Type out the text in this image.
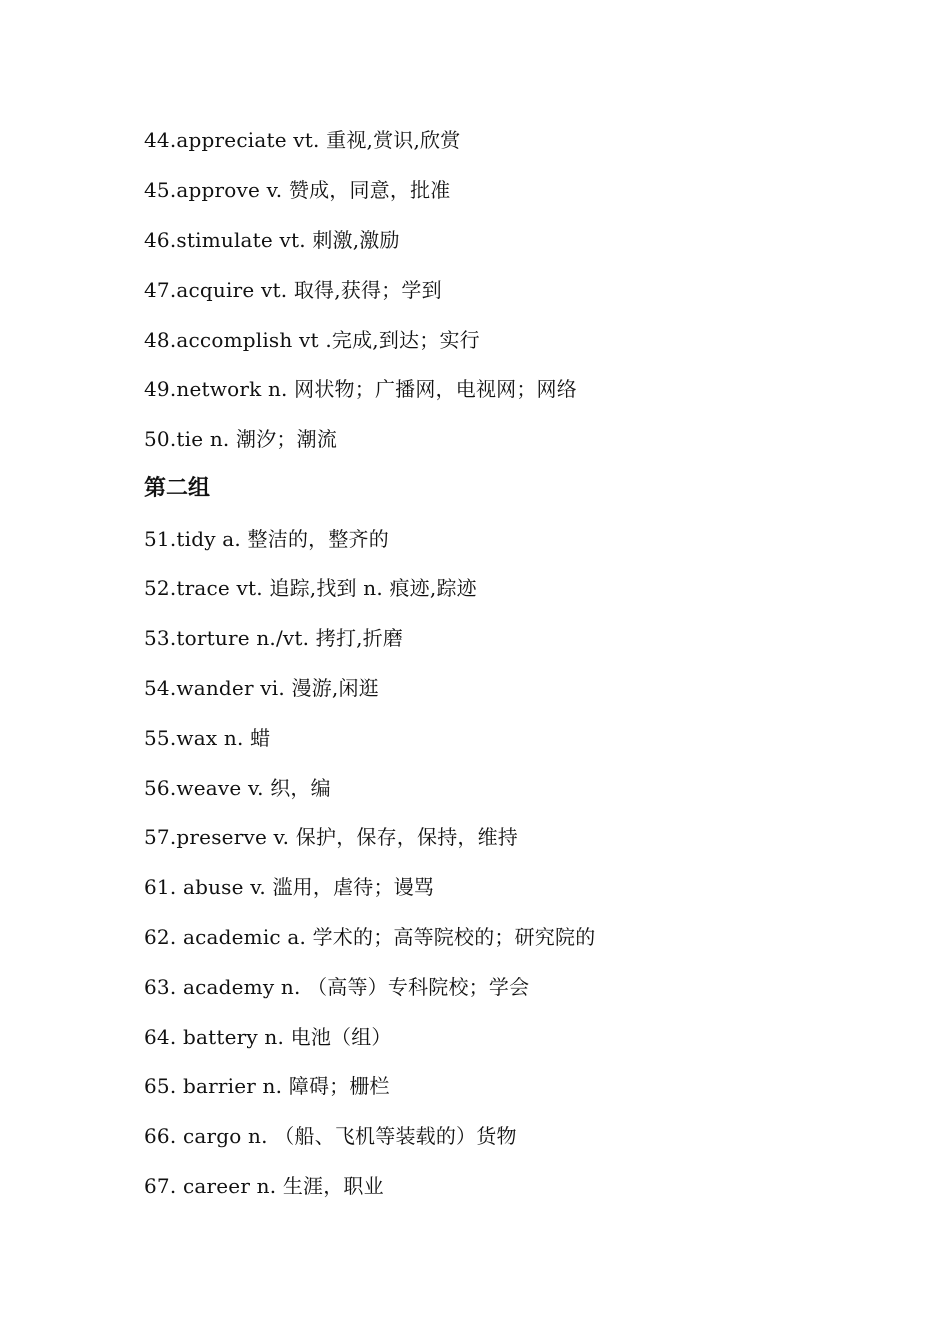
44.appreciate vt. 重视,赏识,欣赏
45.approve v. 赞成，同意，批准
46.stimulate vt. 刺激,激励
47.acquire vt. 取得,获得；学到
48.accomplish vt .完成,到达；实行
49.network n. 网状物；广播网，电视网；网络
50.tie n. 潮汐；潮流
第二组
51.tidy a. 整洁的，整齐的
52.trace vt. 追踪,找到 n. 痕迹,踪迹
53.torture n./vt. 拷打,折磨
54.wander vi. 漫游,闲逛
55.wax n. 蜡
56.weave v. 织，编
57.preserve v. 保护，保存，保持，维持
61. abuse v. 滥用，虐待；谩骂
62. academic a. 学术的；高等院校的；研究院的
63. academy n. （高等）专科院校；学会
64. battery n. 电池（组）
65. barrier n. 障碍；栅栏
66. cargo n. （船、飞机等装载的）货物
67. career n. 生涯，职业
